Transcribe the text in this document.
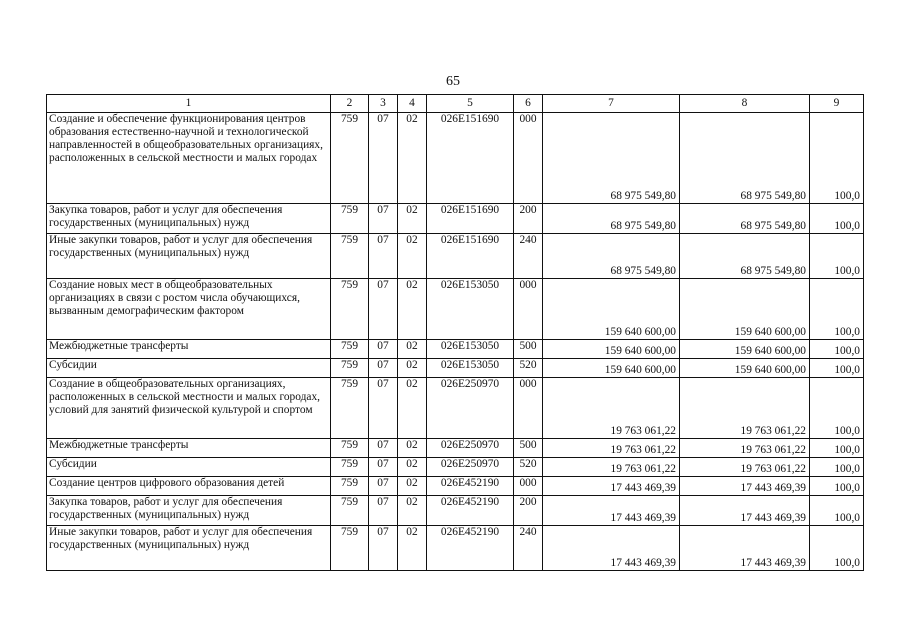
65
1	2	3	4	5	6	7	8	9
Создание и обеспечение функционирования центров образования естественно-научной и технологической направленностей в общеобразовательных организациях, расположенных в сельской местности и малых городах	759	07	02	026E151690	000	68 975 549,80	68 975 549,80	100,0
Закупка товаров, работ и услуг для обеспечения государственных (муниципальных) нужд	759	07	02	026E151690	200	68 975 549,80	68 975 549,80	100,0
Иные закупки товаров, работ и услуг для обеспечения государственных (муниципальных) нужд	759	07	02	026E151690	240	68 975 549,80	68 975 549,80	100,0
Создание новых мест в общеобразовательных организациях в связи с ростом числа обучающихся, вызванным демографическим фактором	759	07	02	026E153050	000	159 640 600,00	159 640 600,00	100,0
Межбюджетные трансферты	759	07	02	026E153050	500	159 640 600,00	159 640 600,00	100,0
Субсидии	759	07	02	026E153050	520	159 640 600,00	159 640 600,00	100,0
Создание в общеобразовательных организациях, расположенных в сельской местности и малых городах, условий для занятий физической культурой и спортом	759	07	02	026E250970	000	19 763 061,22	19 763 061,22	100,0
Межбюджетные трансферты	759	07	02	026E250970	500	19 763 061,22	19 763 061,22	100,0
Субсидии	759	07	02	026E250970	520	19 763 061,22	19 763 061,22	100,0
Создание центров цифрового образования детей	759	07	02	026E452190	000	17 443 469,39	17 443 469,39	100,0
Закупка товаров, работ и услуг для обеспечения государственных (муниципальных) нужд	759	07	02	026E452190	200	17 443 469,39	17 443 469,39	100,0
Иные закупки товаров, работ и услуг для обеспечения государственных (муниципальных) нужд	759	07	02	026E452190	240	17 443 469,39	17 443 469,39	100,0
